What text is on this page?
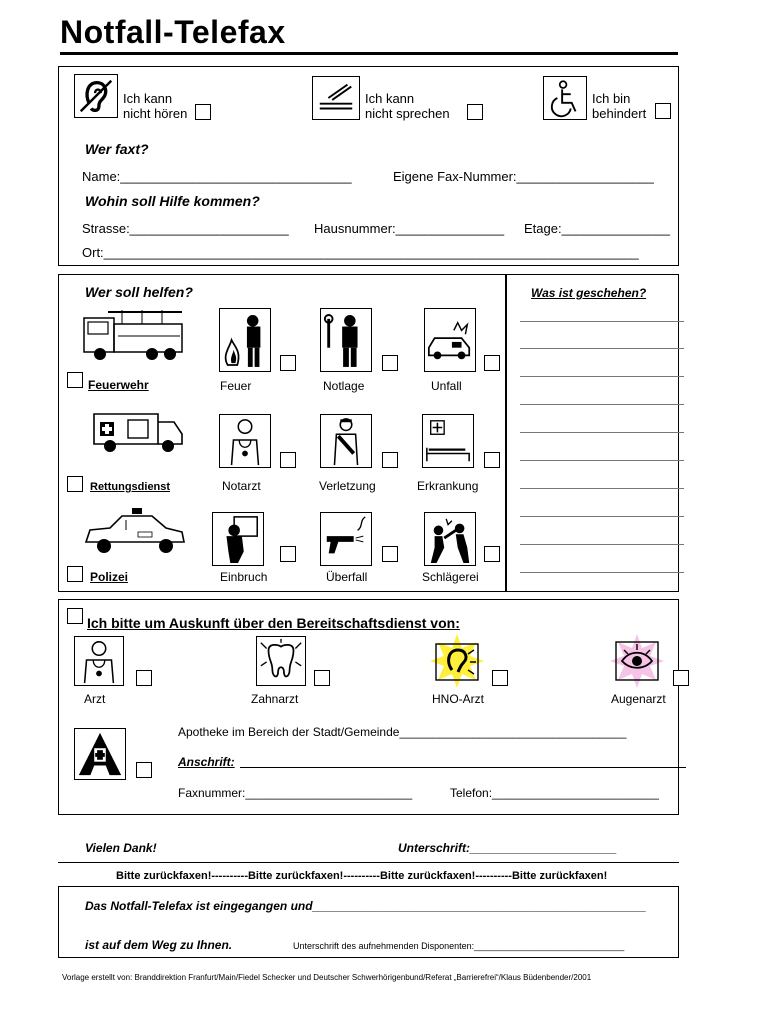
Notfall-Telefax
Ich kann
nicht hören
Ich kann
nicht sprechen
Ich bin
behindert
Wer faxt?
Name:________________________________	Eigene Fax-Nummer:___________________
Wohin soll Hilfe kommen?
Strasse:______________________ Hausnummer:_______________ Etage:_______________
Ort:__________________________________________________________________________
Wer soll helfen?	Was ist geschehen?
Feuerwehr	Feuer	Notlage	Unfall
Rettungsdienst	Notarzt	Verletzung	Erkrankung
Polizei	Einbruch	Überfall	Schlägerei
Ich bitte um Auskunft über den Bereitschaftsdienst von:
Arzt	Zahnarzt	HNO-Arzt	Augenarzt
Apotheke im Bereich der Stadt/Gemeinde__________________________________
Anschrift:
Faxnummer:_________________________	Telefon:_________________________
Vielen Dank!	Unterschrift:______________________
Bitte zurückfaxen!----------Bitte zurückfaxen!----------Bitte zurückfaxen!----------Bitte zurückfaxen!
Das Notfall-Telefax ist eingegangen und__________________________________________________
ist auf dem Weg zu Ihnen.	Unterschrift des aufnehmenden Disponenten:______________________________
Vorlage erstellt von: Branddirektion Franfurt/Main/Fiedel Schecker und Deutscher Schwerhörigenbund/Referat „Barrierefrei“/Klaus Büdenbender/2001
